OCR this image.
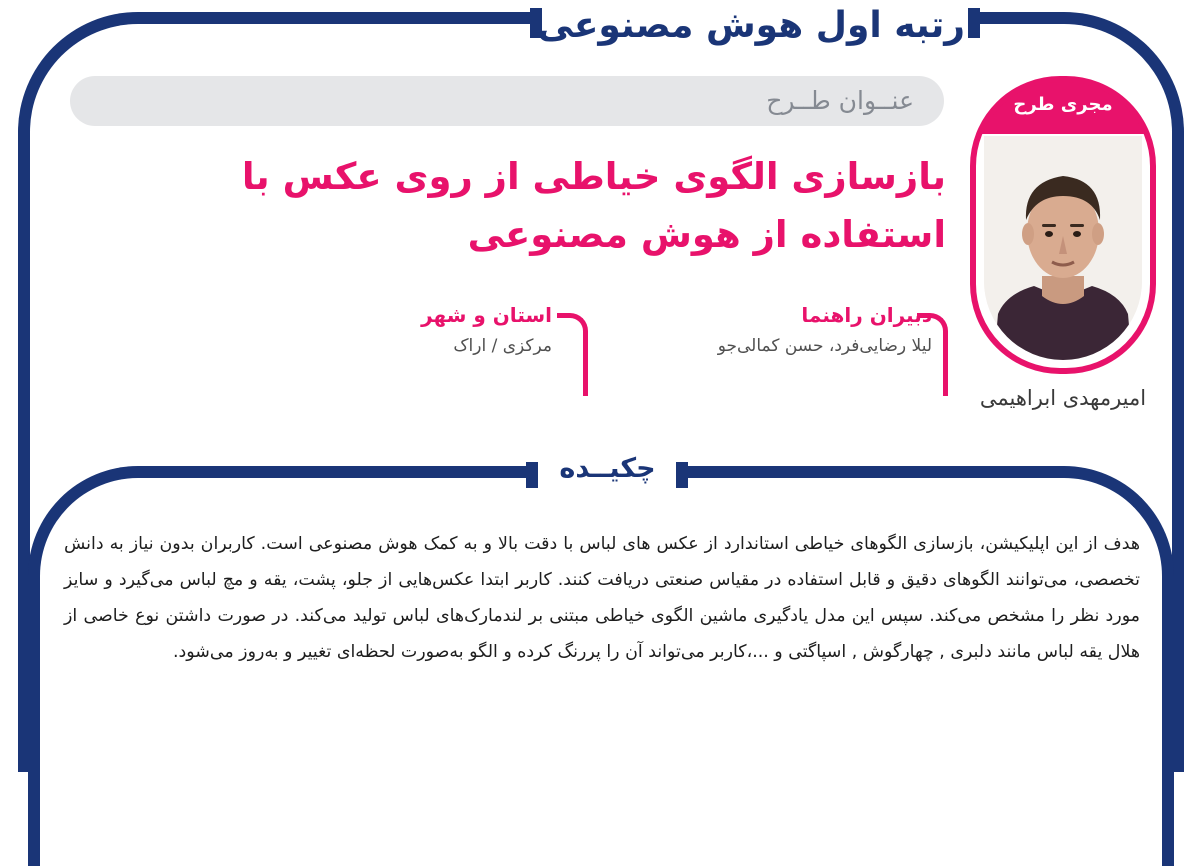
رتبه اول هوش مصنوعی
عنــوان طــرح
بازسازی الگوی خیاطی از روی عکس با استفاده از هوش مصنوعی
مجری طرح
امیرمهدی ابراهیمی
دبیران راهنما
لیلا رضایی‌فرد، حسن کمالی‌جو
استان و شهر
مرکزی / اراک
چکیــده
هدف از این اپلیکیشن، بازسازی الگوهای خیاطی استاندارد از عکس های لباس با دقت بالا و به کمک هوش مصنوعی است. کاربران بدون نیاز به دانش تخصصی، می‌توانند الگوهای دقیق و قابل استفاده در مقیاس صنعتی دریافت کنند. کاربر ابتدا عکس‌هایی از جلو، پشت، یقه و مچ لباس می‌گیرد و سایز مورد نظر را مشخص می‌کند. سپس این مدل یادگیری ماشین الگوی خیاطی مبتنی بر لندمارک‌های لباس تولید می‌کند. در صورت داشتن نوع خاصی از هلال یقه لباس مانند دلبری , چهارگوش , اسپاگتی و ...،کاربر می‌تواند آن را پررنگ کرده و الگو به‌صورت لحظه‌ای تغییر و به‌روز می‌شود.
